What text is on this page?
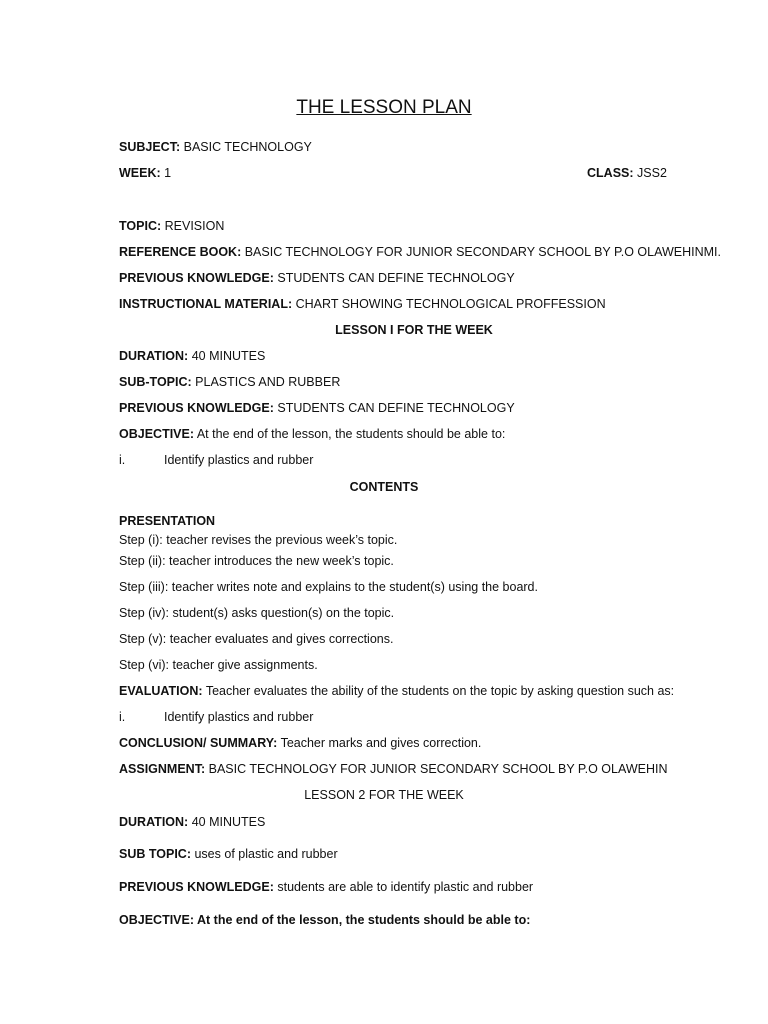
THE LESSON PLAN
SUBJECT: BASIC TECHNOLOGY
WEEK: 1	CLASS: JSS2
TOPIC: REVISION
REFERENCE BOOK: BASIC TECHNOLOGY FOR JUNIOR SECONDARY SCHOOL BY P.O OLAWEHINMI.
PREVIOUS KNOWLEDGE: STUDENTS CAN DEFINE TECHNOLOGY
INSTRUCTIONAL MATERIAL: CHART SHOWING TECHNOLOGICAL PROFFESSION
LESSON I FOR THE WEEK
DURATION: 40 MINUTES
SUB-TOPIC: PLASTICS AND RUBBER
PREVIOUS KNOWLEDGE: STUDENTS CAN DEFINE TECHNOLOGY
OBJECTIVE: At the end of the lesson, the students should be able to:
i.	Identify plastics and rubber
CONTENTS
PRESENTATION
Step (i): teacher revises the previous week’s topic.
Step (ii): teacher introduces the new week’s topic.
Step (iii): teacher writes note and explains to the student(s) using the board.
Step (iv): student(s) asks question(s) on the topic.
Step (v): teacher evaluates and gives corrections.
Step (vi): teacher give assignments.
EVALUATION: Teacher evaluates the ability of the students on the topic by asking question such as:
i.	Identify plastics and rubber
CONCLUSION/ SUMMARY: Teacher marks and gives correction.
ASSIGNMENT: BASIC TECHNOLOGY FOR JUNIOR SECONDARY SCHOOL BY P.O OLAWEHIN
LESSON 2 FOR THE WEEK
DURATION: 40 MINUTES
SUB TOPIC: uses of plastic and rubber
PREVIOUS KNOWLEDGE: students are able to identify plastic and rubber
OBJECTIVE: At the end of the lesson, the students should be able to:
